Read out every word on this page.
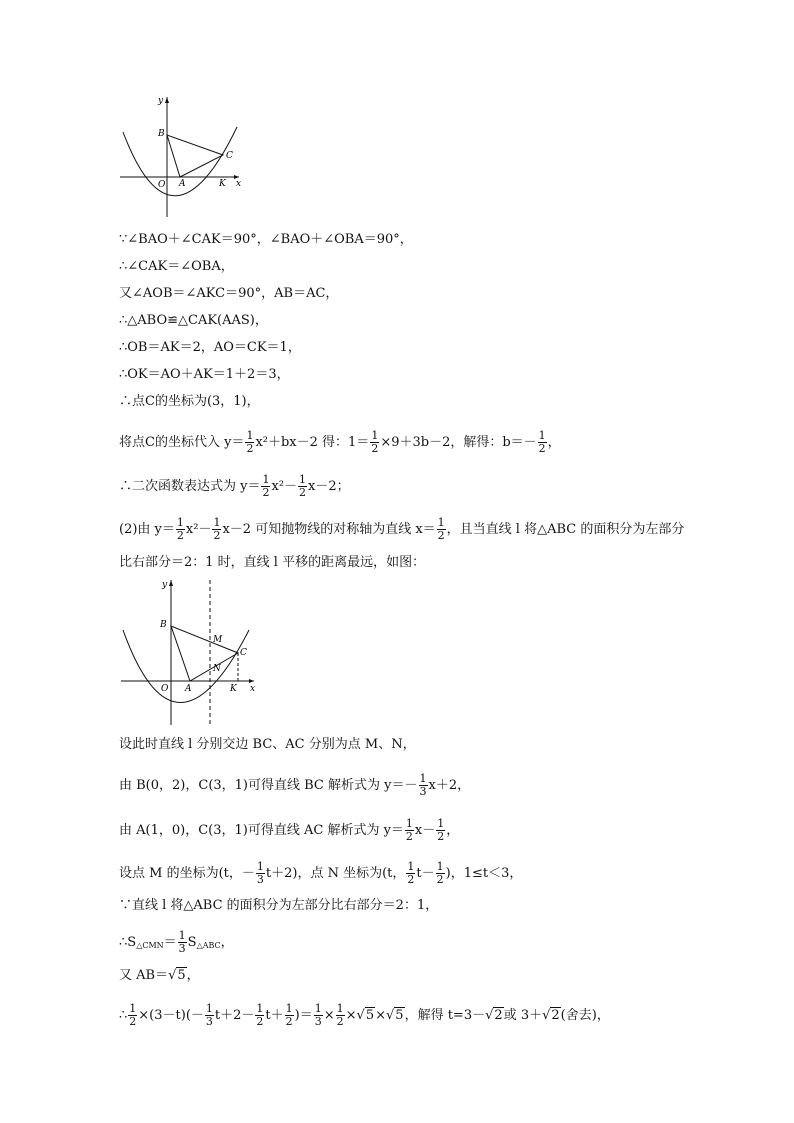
y
B
C
O A	K x
∵∠BAO＋∠CAK＝90°，∠BAO＋∠OBA＝90°，
∴∠CAK＝∠OBA，
又∠AOB＝∠AKC＝90°，AB＝AC，
∴△ABO≌△CAK(AAS)，
∴OB＝AK＝2，AO＝CK＝1，
∴OK＝AO＋AK＝1＋2＝3，
∴点C的坐标为(3，1)，
将点C的坐标代入 $y= \frac{1}{2} x^2+bx-2$ 得：$1= \frac{1}{2} \times 9+3b-2$，解得：$b=- \frac{1}{2}$ ，
∴二次函数表达式为 $y= \frac{1}{2} x^2- \frac{1}{2} x-2$；
(2)由 $y= \frac{1}{2} x^2- \frac{1}{2} x-2$ 可知抛物线的对称轴为直线 $x= \frac{1}{2}$ ，且当直线 l 将△ABC 的面积分为左部分
比右部分＝2：1 时，直线 l 平移的距离最远，如图：
y
B
M
C
N
O A	K x
设此时直线 l 分别交边 BC、AC 分别为点 M、N，
由 B(0，2)，C(3，1)可得直线 BC 解析式为 $y=- \frac{1}{3} x+2$，
由 A(1，0)，C(3，1)可得直线 AC 解析式为 $y= \frac{1}{2} x- \frac{1}{2}$ ，
设点 M 的坐标为(t，－ $\frac{1}{3} t+2$)，点 N 坐标为(t， $\frac{1}{2} t- \frac{1}{2}$ )，1≤t＜3，
∵直线 l 将△ABC 的面积分为左部分比右部分＝2：1，
$\therefore S_{\triangle CMN}= \frac{1}{3} S_{\triangle ABC}$，
又 AB＝√5，
∴ $\frac{1}{2} \times(3-t)(- \frac{1}{3} t+2- \frac{1}{2} t+ \frac{1}{2}$ )＝ $\frac{1}{3} \times \frac{1}{2} \times√5\times√5$，解得 t=3－√2或 3＋√2(舍去)，
